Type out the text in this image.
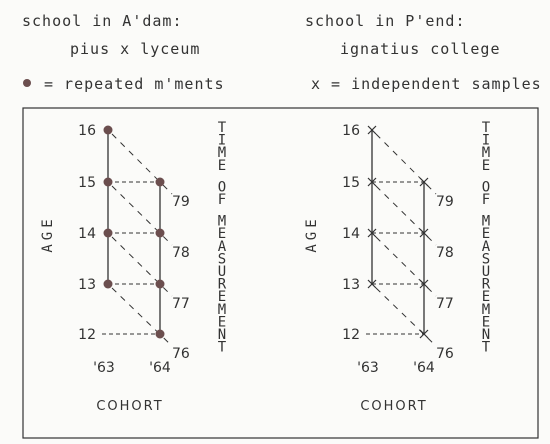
school in A'dam:
pius x lyceum
school in P'end:
ignatius college
= repeated m'ments	x = independent samples
16
15
14
13
12
79
78
77
76
'63 '64
COHORT
AGE
T
I
M
E
O
F
M
E
A
S
U
R
E
M
E
N
T
16
15
14
13
12
79
78
77
76
'63 '64
COHORT
AGE
T
I
M
E
O
F
M
E
A
S
U
R
E
M
E
N
T
